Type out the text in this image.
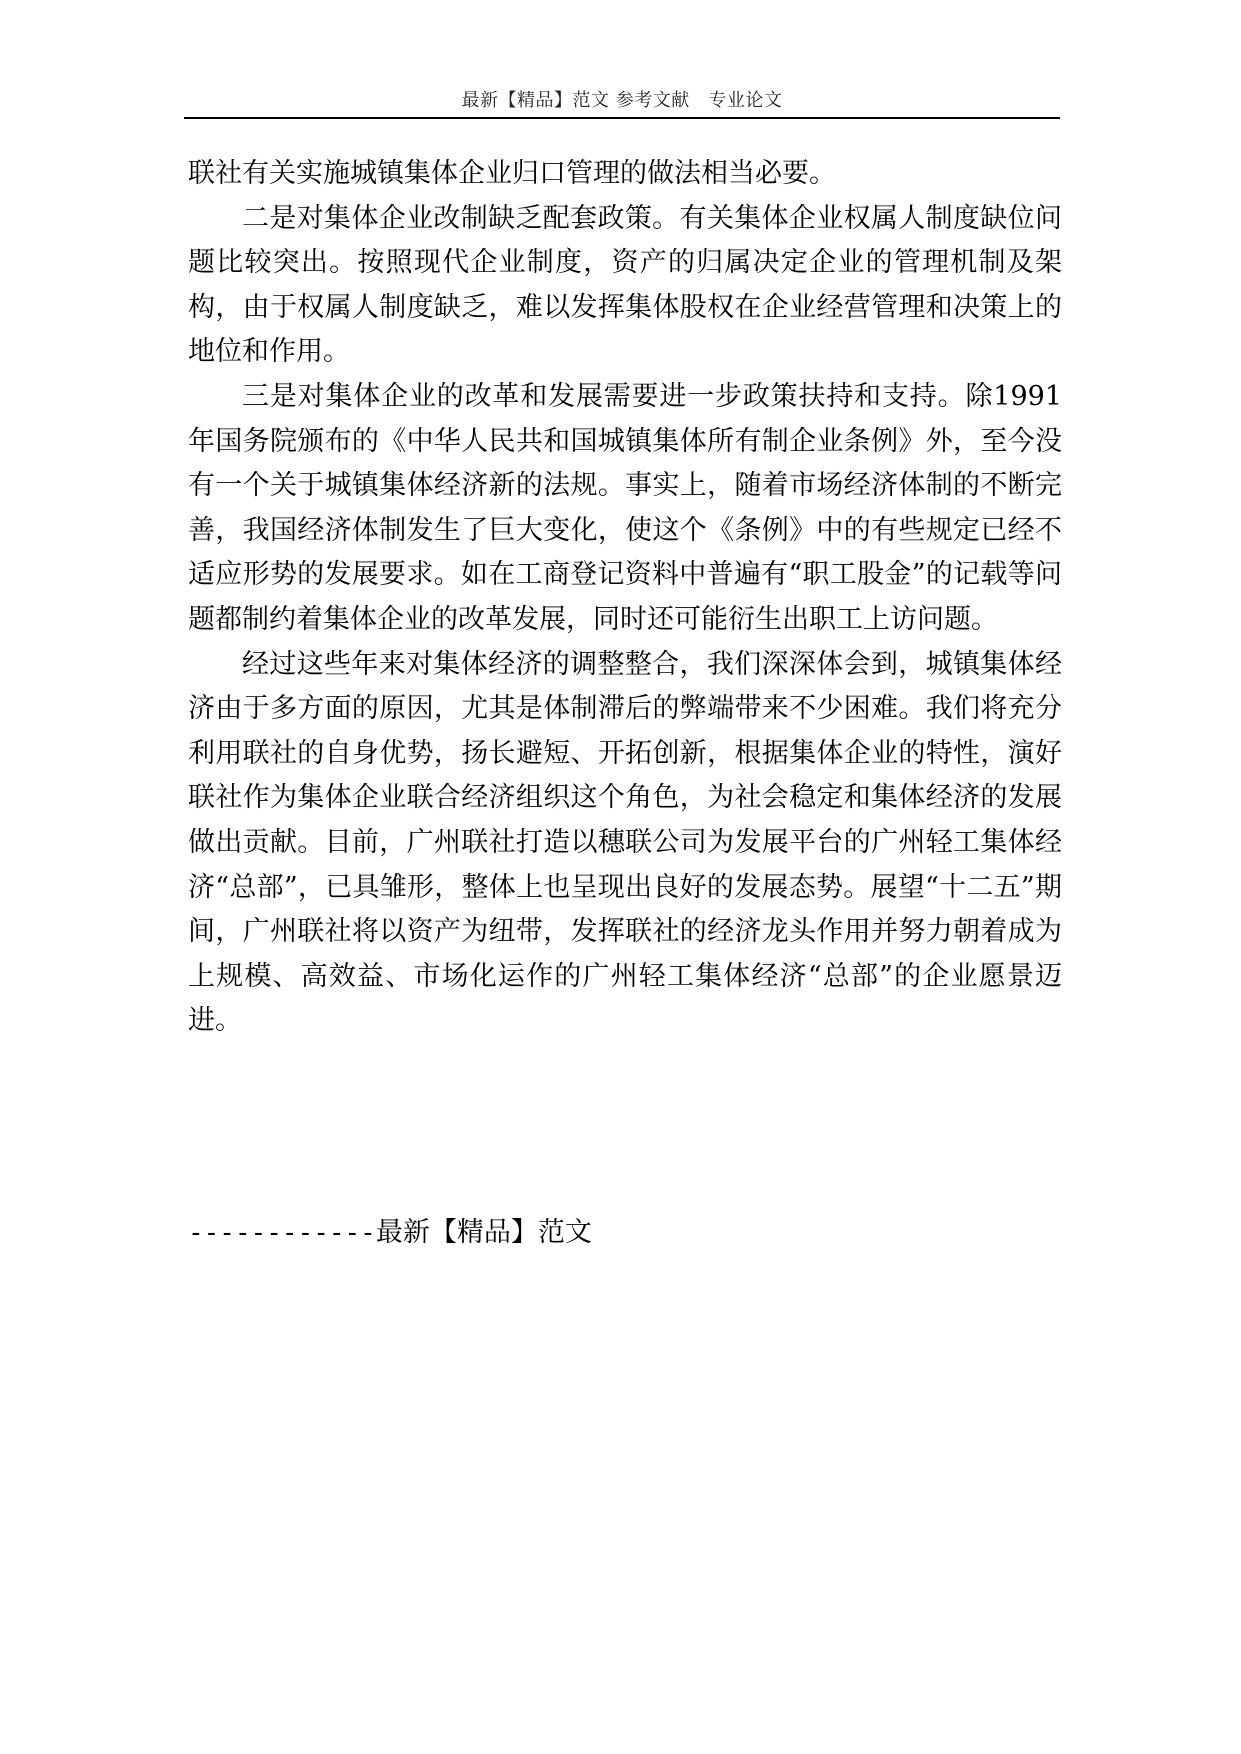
最新【精品】范文 参考文献   专业论文

联社有关实施城镇集体企业归口管理的做法相当必要。

二是对集体企业改制缺乏配套政策。有关集体企业权属人制度缺位问题比较突出。按照现代企业制度，资产的归属决定企业的管理机制及架构，由于权属人制度缺乏，难以发挥集体股权在企业经营管理和决策上的地位和作用。

三是对集体企业的改革和发展需要进一步政策扶持和支持。除1991年国务院颁布的《中华人民共和国城镇集体所有制企业条例》外，至今没有一个关于城镇集体经济新的法规。事实上，随着市场经济体制的不断完善，我国经济体制发生了巨大变化，使这个《条例》中的有些规定已经不适应形势的发展要求。如在工商登记资料中普遍有“职工股金”的记载等问题都制约着集体企业的改革发展，同时还可能衍生出职工上访问题。

经过这些年来对集体经济的调整整合，我们深深体会到，城镇集体经济由于多方面的原因，尤其是体制滞后的弊端带来不少困难。我们将充分利用联社的自身优势，扬长避短、开拓创新，根据集体企业的特性，演好联社作为集体企业联合经济组织这个角色，为社会稳定和集体经济的发展做出贡献。目前，广州联社打造以穗联公司为发展平台的广州轻工集体经济“总部”，已具雏形，整体上也呈现出良好的发展态势。展望“十二五”期间，广州联社将以资产为纽带，发挥联社的经济龙头作用并努力朝着成为上规模、高效益、市场化运作的广州轻工集体经济“总部”的企业愿景迈进。

------------最新【精品】范文
